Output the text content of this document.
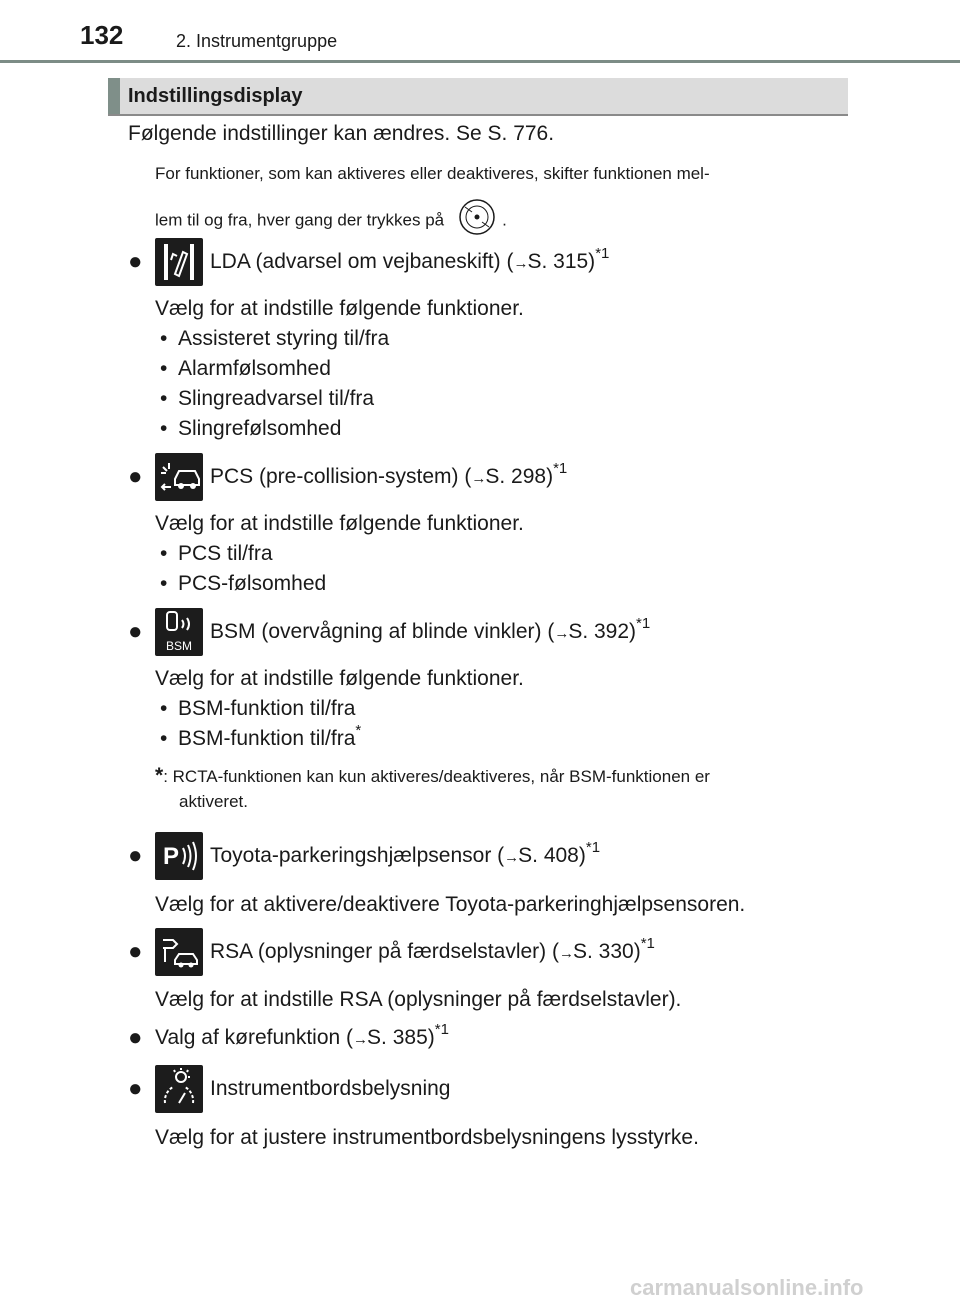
132	2. Instrumentgruppe
Indstillingsdisplay
Følgende indstillinger kan ændres. Se S. 776.
For funktioner, som kan aktiveres eller deaktiveres, skifter funktionen mel-
lem til og fra, hver gang der trykkes på	.
●	LDA (advarsel om vejbaneskift) (→S. 315)$^{*1}$
Vælg for at indstille følgende funktioner.
• Assisteret styring til/fra
• Alarmfølsomhed
• Slingreadvarsel til/fra
• Slingrefølsomhed
●	PCS (pre-collision-system) (→S. 298)$^{*1}$
Vælg for at indstille følgende funktioner.
• PCS til/fra
• PCS-følsomhed
●
BSM
BSM (overvågning af blinde vinkler) (→S. 392)$^{*1}$
Vælg for at indstille følgende funktioner.
• BSM-funktion til/fra
• BSM-funktion til/fra*
*: RCTA-funktionen kan kun aktiveres/deaktiveres, når BSM-funktionen er
aktiveret.
● P Toyota-parkeringshjælpsensor (→S. 408)$^{*1}$
Vælg for at aktivere/deaktivere Toyota-parkeringhjælpsensoren.
●	RSA (oplysninger på færdselstavler) (→S. 330)$^{*1}$
Vælg for at indstille RSA (oplysninger på færdselstavler).
● Valg af kørefunktion (→S. 385)$^{*1}$
●	Instrumentbordsbelysning
Vælg for at justere instrumentbordsbelysningens lysstyrke.
carmanualsonline.info
